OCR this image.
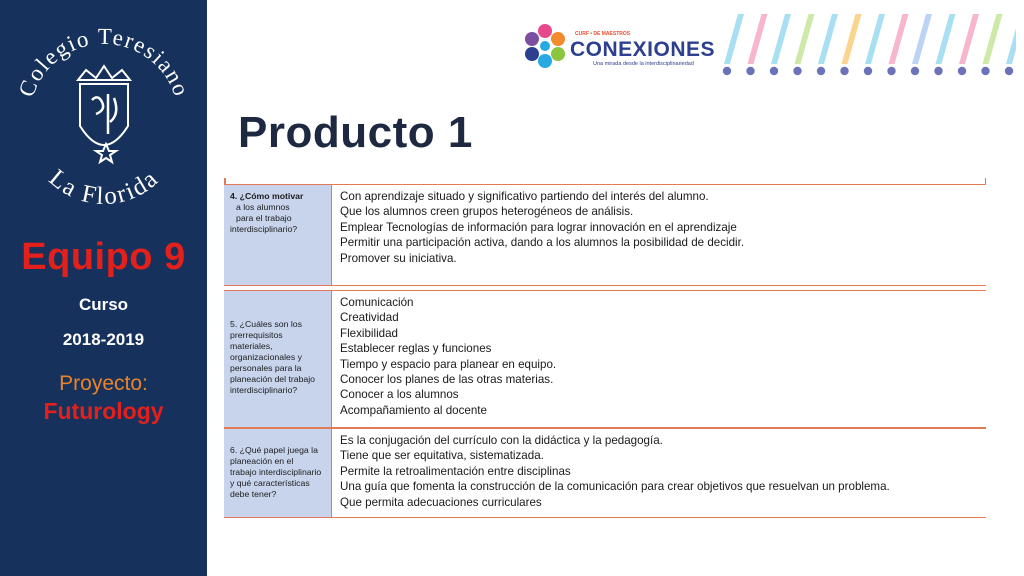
Colegio Teresiano
La Florida
Equipo 9
Curso
2018-2019
Proyecto:
Futurology
CURF • DE MAESTROS
CONEXIONES
Una mirada desde la interdisciplinariedad
Producto 1
4. ¿Cómo motivar
a los alumnos
para el trabajo
interdisciplinario?
Con aprendizaje situado y significativo partiendo del interés del alumno.
Que los alumnos creen grupos heterogéneos de análisis.
Emplear Tecnologías de información para lograr innovación en el aprendizaje
Permitir una participación activa, dando a los alumnos la posibilidad de decidir.
Promover su iniciativa.
5. ¿Cuáles son los
prerrequisitos
materiales,
organizacionales y
personales para la
planeación del trabajo
interdisciplinario?
Comunicación
Creatividad
Flexibilidad
Establecer reglas y funciones
Tiempo y espacio para planear en equipo.
Conocer los planes de las otras materias.
Conocer a los alumnos
Acompañamiento al docente
6. ¿Qué papel juega la
planeación en el
trabajo interdisciplinario
y qué características
debe tener?
Es la conjugación del currículo con la didáctica y la pedagogía.
Tiene que ser equitativa, sistematizada.
Permite la retroalimentación entre disciplinas
Una guía que fomenta la construcción de la comunicación para crear objetivos que resuelvan un problema.
Que permita adecuaciones curriculares
